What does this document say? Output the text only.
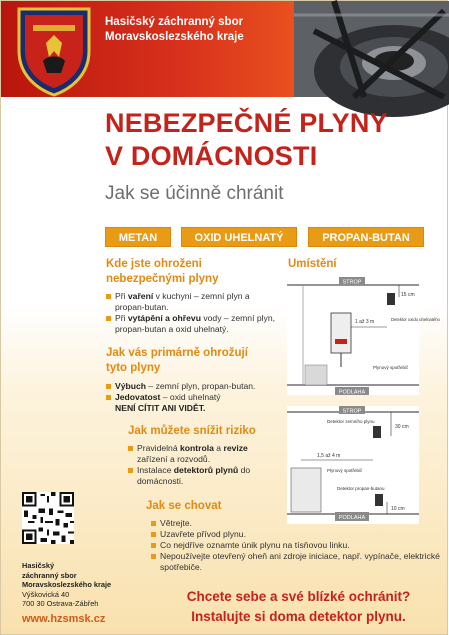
Hasičský záchranný sbor
Moravskoslezského kraje
NEBEZPEČNÉ PLYNY
V DOMÁCNOSTI
Jak se účinně chránit
METAN	OXID UHELNATÝ	PROPAN-BUTAN
Kde jste ohroženi
nebezpečnými plyny
Při vaření v kuchyni – zemní plyn a propan-butan.
Při vytápění a ohřevu vody – zemní plyn, propan-butan a oxid uhelnatý.
Jak vás primárně ohrožují
tyto plyny
Výbuch – zemní plyn, propan-butan.
Jedovatost – oxid uhelnatý
NENÍ CÍTIT ANI VIDĚT.
Jak můžete snížit riziko
Pravidelná kontrola a revize zařízení a rozvodů.
Instalace detektorů plynů do domácnosti.
Jak se chovat
Větrejte.
Uzavřete přívod plynu.
Co nejdříve oznamte únik plynu na tísňovou linku.
Nepoužívejte otevřený oheň ani zdroje iniciace, např. vypínače, elektrické spotřebiče.
Umístění
STROP
PODLAHA
15 cm
1 až 3 m	Detektor oxidu uhelnatého
Plynový spotřebič
STROP
PODLAHA
Detektor zemního plynu
30 cm
1,5 až 4 m
Plynový spotřebič
Detektor propan-butanu
10 cm
Hasičský
záchranný sbor
Moravskoslezského kraje
Výškovická 40
700 30 Ostrava-Zábřeh
www.hzsmsk.cz
Chcete sebe a své blízké ochránit?
Instalujte si doma detektor plynu.
